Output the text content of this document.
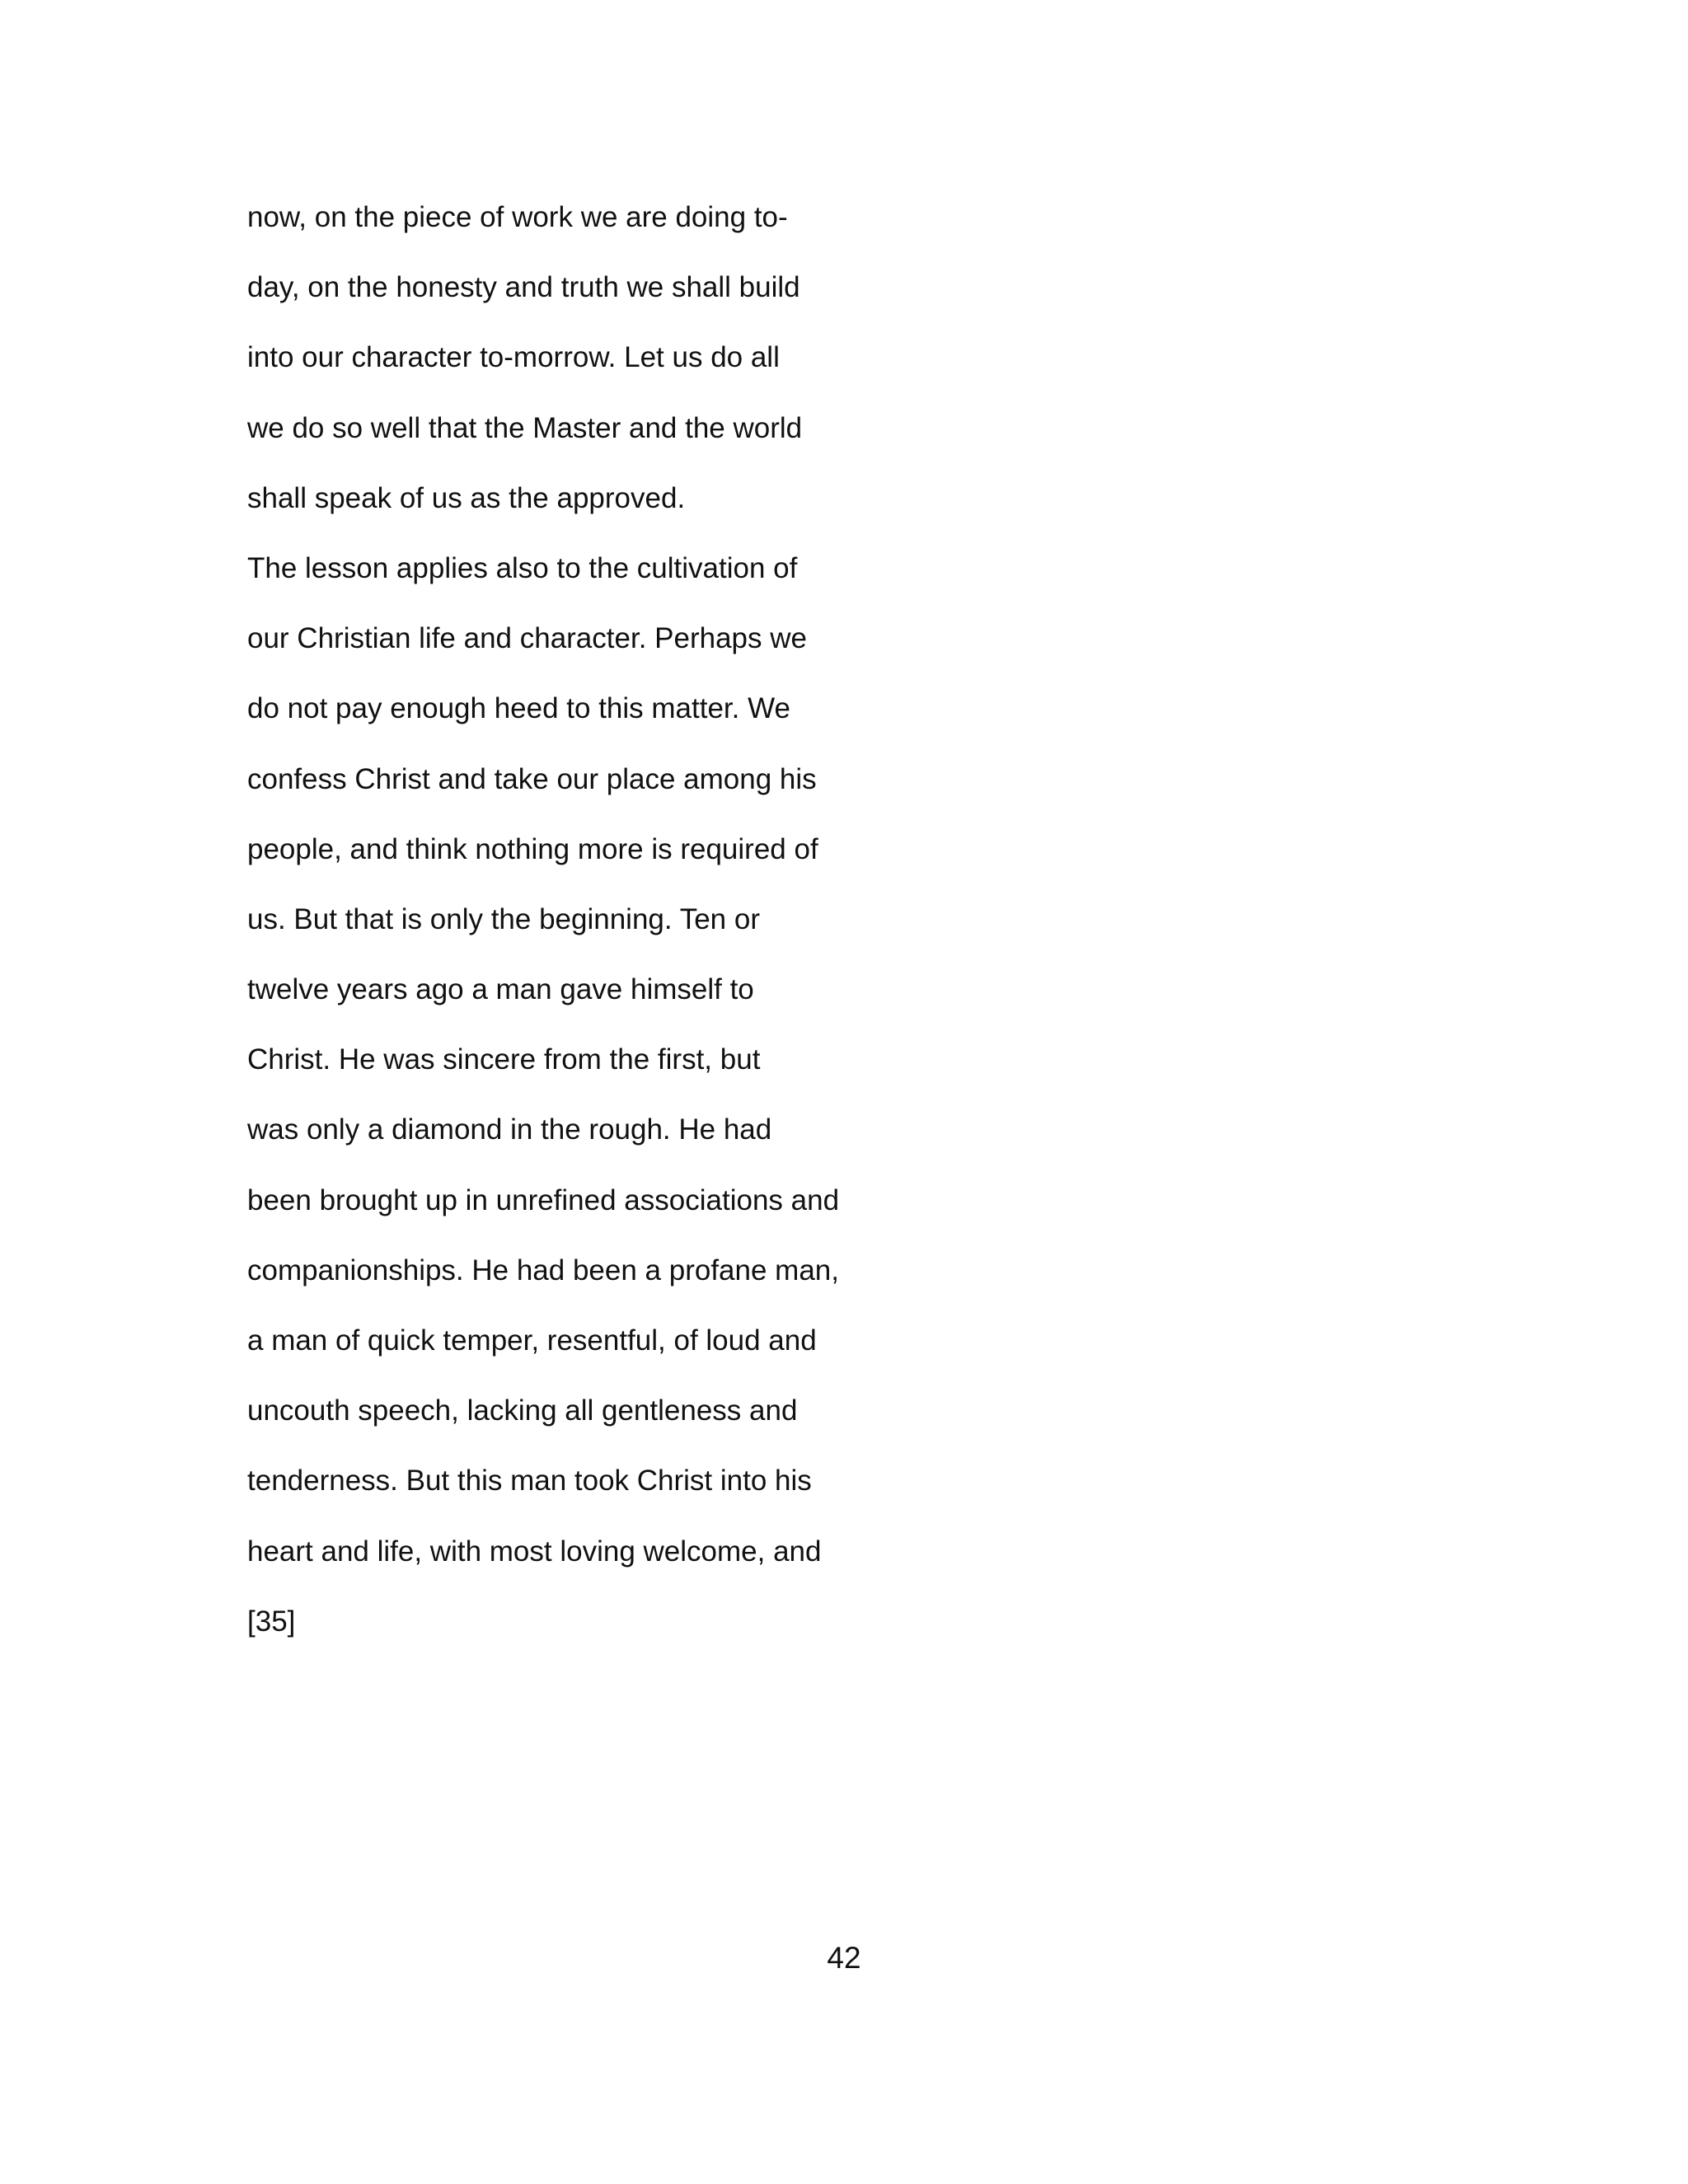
now, on the piece of work we are doing to-
day, on the honesty and truth we shall build
into our character to-morrow. Let us do all
we do so well that the Master and the world
shall speak of us as the approved.
The lesson applies also to the cultivation of
our Christian life and character. Perhaps we
do not pay enough heed to this matter. We
confess Christ and take our place among his
people, and think nothing more is required of
us. But that is only the beginning. Ten or
twelve years ago a man gave himself to
Christ. He was sincere from the first, but
was only a diamond in the rough. He had
been brought up in unrefined associations and
companionships. He had been a profane man,
a man of quick temper, resentful, of loud and
uncouth speech, lacking all gentleness and
tenderness. But this man took Christ into his
heart and life, with most loving welcome, and
[35]
42
